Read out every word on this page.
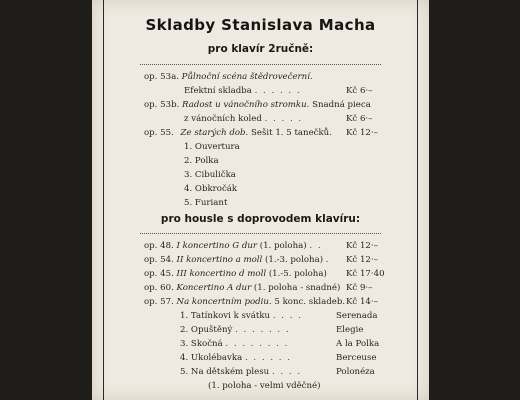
Skladby Stanislava Macha
pro klavír 2ručně:
op. 53a. Půlnoční scéna štědrovečerní.
Efektní skladba . . . . . .	Kč 6·–
op. 53b. Radost u vánočního stromku. Snadná pieca
z vánočních koled . . . . .	Kč 6·–
op. 55. Ze starých dob. Sešit 1. 5 tanečků. Kč 12·–
1. Ouvertura
2. Polka
3. Cibulička
4. Obkročák
5. Furiant
pro housle s doprovodem klavíru:
op. 48. I koncertino G dur (1. poloha) . .	Kč 12·–
op. 54. II koncertino a moll (1.-3. poloha) . Kč 12·–
op. 45. III koncertino d moll (1.-5. poloha) Kč 17·40
op. 60. Koncertino A dur (1. poloha - snadné) Kč 9·–
op. 57. Na koncertním podiu. 5 konc. skladeb. Kč 14·–
1. Tatínkovi k svátku . . . .	Serenada
2. Opuštěný . . . . . . .	Elegie
3. Skočná . . . . . . . .	A la Polka
4. Ukolébavka . . . . . .	Berceuse
5. Na dětském plesu . . . .	Polonéza
(1. poloha - velmi vděčné)
